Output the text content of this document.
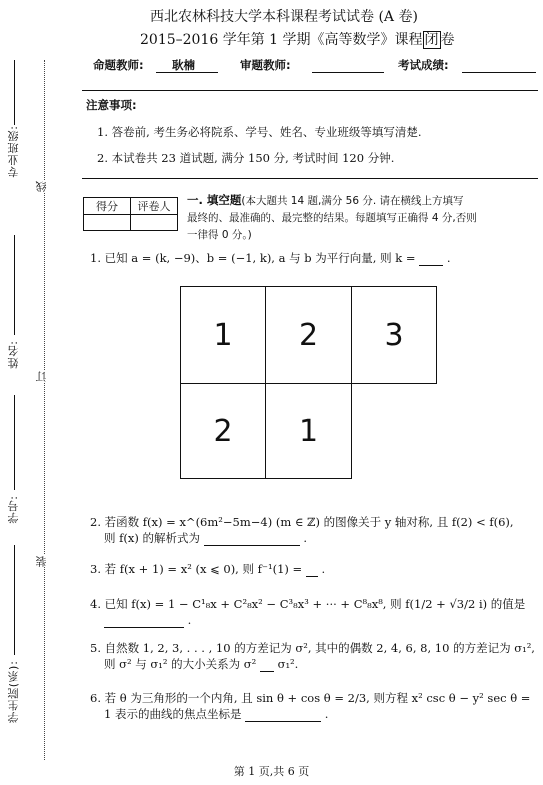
专业班级:
姓名:
学号:
学生院(系):
线
订
装
西北农林科技大学本科课程考试试卷 (A 卷)
2015–2016 学年第 1 学期《高等数学》课程 闭 卷
命题教师: 耿楠	审题教师:	考试成绩:
注意事项:
1. 答卷前, 考生务必将院系、学号、姓名、专业班级等填写清楚.
2. 本试卷共 23 道试题, 满分 150 分, 考试时间 120 分钟.
得分	评卷人
	一. 填空题(本大题共 14 题,满分 56 分. 请在横线上方填写
最终的、最准确的、最完整的结果。每题填写正确得 4 分,否则
一律得 0 分。)
1. 已知 a = (k, −9)、b = (−1, k), a 与 b 为平行向量, 则 k =  .
1	2	3
2	1
2. 若函数 f(x) = x^(6m²−5m−4) (m ∈ ℤ) 的图像关于 y 轴对称, 且 f(2) < f(6),
则 f(x) 的解析式为	.
3. 若 f(x + 1) = x² (x ⩽ 0), 则 f⁻¹(1) =  .
4. 已知 f(x) = 1 − C¹₈x + C²₈x² − C³₈x³ + ··· + C⁸₈x⁸, 则 f(1/2 + √3/2 i) 的值是
.
5. 自然数 1, 2, 3, . . . , 10 的方差记为 σ², 其中的偶数 2, 4, 6, 8, 10 的方差记为 σ₁²,
则 σ² 与 σ₁² 的大小关系为 σ² σ₁².
6. 若 θ 为三角形的一个内角, 且 sin θ + cos θ = 2/3, 则方程 x² csc θ − y² sec θ =
1 表示的曲线的焦点坐标是	.
第 1 页,共 6 页
